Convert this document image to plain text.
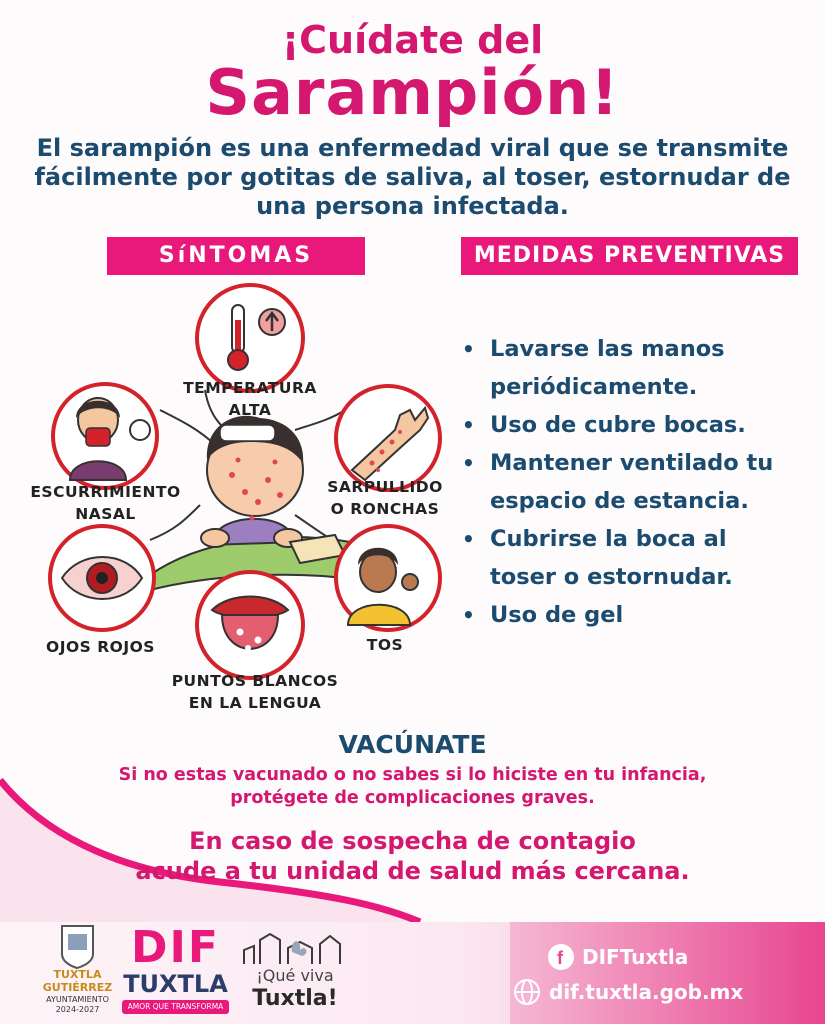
¡Cuídate del
Sarampión!
El sarampión es una enfermedad viral que se transmite
fácilmente por gotitas de saliva, al toser, estornudar de
una persona infectada.
SíNTOMAS	MEDIDAS PREVENTIVAS
TEMPERATURA
ALTA
SARPULLIDO
O RONCHAS
ESCURRIMIENTO
NASAL
OJOS ROJOS	TOS
PUNTOS BLANCOS
EN LA LENGUA
• Lavarse las manos
periódicamente.
• Uso de cubre bocas.
• Mantener ventilado tu
espacio de estancia.
• Cubrirse la boca al
toser o estornudar.
• Uso de gel
VACÚNATE
Si no estas vacunado o no sabes si lo hiciste en tu infancia,
protégete de complicaciones graves.
En caso de sospecha de contagio
acude a tu unidad de salud más cercana.
TUXTLA
GUTIÉRREZ
AYUNTAMIENTO
2024-2027
DIF
TUXTLA
AMOR QUE TRANSFORMA
¡Qué viva
Tuxtla!
f DIFTuxtla
dif.tuxtla.gob.mx
